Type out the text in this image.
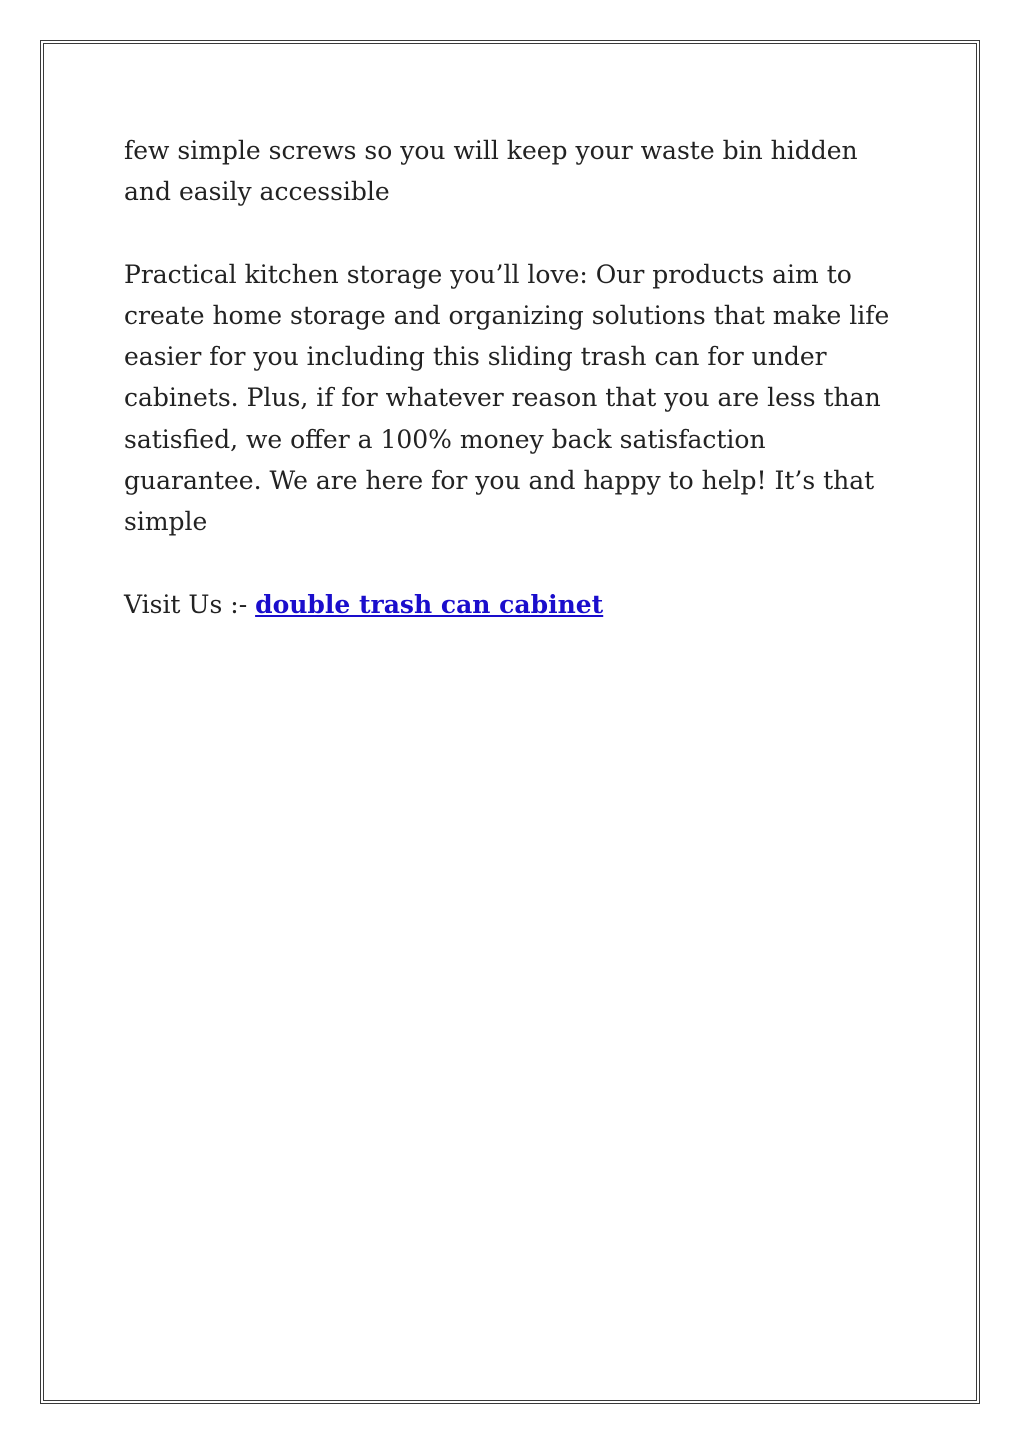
few simple screws so you will keep your waste bin hidden and easily accessible

Practical kitchen storage you’ll love: Our products aim to create home storage and organizing solutions that make life easier for you including this sliding trash can for under cabinets. Plus, if for whatever reason that you are less than satisfied, we offer a 100% money back satisfaction guarantee. We are here for you and happy to help! It’s that simple

Visit Us :- double trash can cabinet
